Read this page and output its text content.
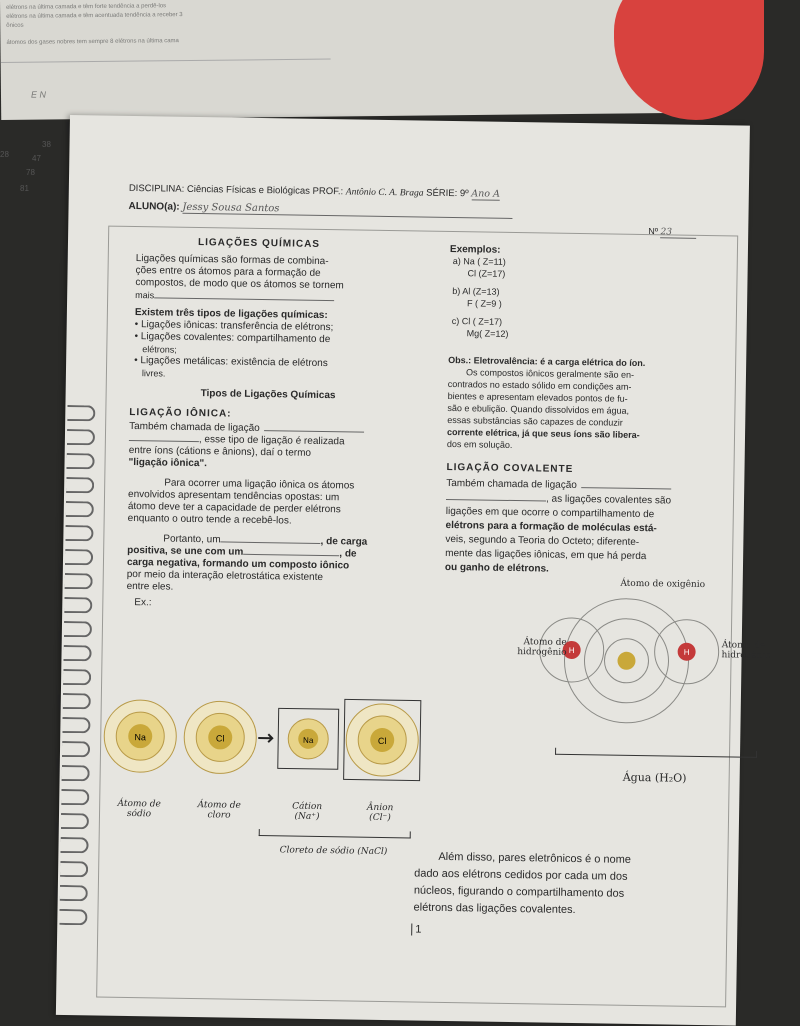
elétrons na última camada e têm forte tendência a perdê-los
elétrons na última camada e têm acentuada tendência a receber 3
ônicos
átomos dos gases nobres tem sempre 8 elétrons na última cama
E N
38
47
78
81
28
DISCIPLINA: Ciências Físicas e Biológicas PROF.: Antônio C. A. Braga SÉRIE: 9º Ano A
ALUNO(a): Jessy Sousa Santos
Nº 23
LIGAÇÕES QUÍMICAS
Ligações químicas são formas de combina-
ções entre os átomos para a formação de
compostos, de modo que os átomos se tornem
mais
Existem três tipos de ligações químicas:
• Ligações iônicas: transferência de elétrons;
• Ligações covalentes: compartilhamento de
elétrons;
• Ligações metálicas: existência de elétrons
livres.
Tipos de Ligações Químicas
LIGAÇÃO IÔNICA:
Também chamada de ligação
, esse tipo de ligação é realizada
entre íons (cátions e ânions), daí o termo
"ligação iônica".
Para ocorrer uma ligação iônica os átomos
envolvidos apresentam tendências opostas: um
átomo deve ter a capacidade de perder elétrons
enquanto o outro tende a recebê-los.
Portanto, um	, de carga
positiva, se une com um	, de
carga negativa, formando um composto iônico
por meio da interação eletrostática existente
entre eles.
Ex.:
Na	Cl	Na	Cl
Átomo de
sódio
Átomo de
cloro
Cátion
(Na⁺)
Ânion
(Cl⁻)
Cloreto de sódio (NaCl)
Exemplos:
a) Na ( Z=11)
Cl (Z=17)
b) Al (Z=13)
F ( Z=9 )
c) Cl ( Z=17)
Mg( Z=12)
Obs.: Eletrovalência: é a carga elétrica do íon.
Os compostos iônicos geralmente são en-
contrados no estado sólido em condições am-
bientes e apresentam elevados pontos de fu-
são e ebulição. Quando dissolvidos em água,
essas substâncias são capazes de conduzir
corrente elétrica, já que seus íons são libera-
dos em solução.
LIGAÇÃO COVALENTE
Também chamada de ligação
, as ligações covalentes são
ligações em que ocorre o compartilhamento de
elétrons para a formação de moléculas está-
veis, segundo a Teoria do Octeto; diferente-
mente das ligações iônicas, em que há perda
ou ganho de elétrons.
Átomo de oxigênio
H	H
Átomo de
hidrogênio
Átomo de
hidrogênio
Água (H₂O)
Além disso, pares eletrônicos é o nome
dado aos elétrons cedidos por cada um dos
núcleos, figurando o compartilhamento dos
elétrons das ligações covalentes.
1
